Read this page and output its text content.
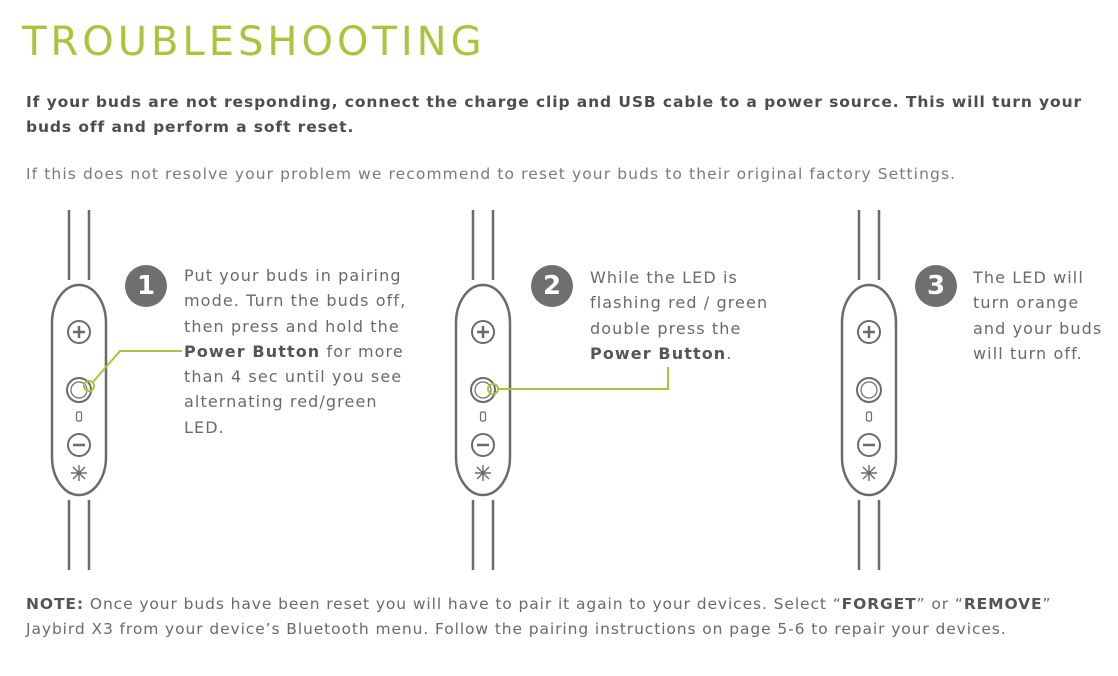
TROUBLESHOOTING

If your buds are not responding, connect the charge clip and USB cable to a power source. This will turn your buds off and perform a soft reset.

If this does not resolve your problem we recommend to reset your buds to their original factory Settings.

1	2	3

Put your buds in pairing mode. Turn the buds off, then press and hold the Power Button for more than 4 sec until you see alternating red/green LED.

While the LED is flashing red / green double press the Power Button.

The LED will turn orange and your buds will turn off.

NOTE: Once your buds have been reset you will have to pair it again to your devices. Select “FORGET” or “REMOVE” Jaybird X3 from your device’s Bluetooth menu. Follow the pairing instructions on page 5-6 to repair your devices.
